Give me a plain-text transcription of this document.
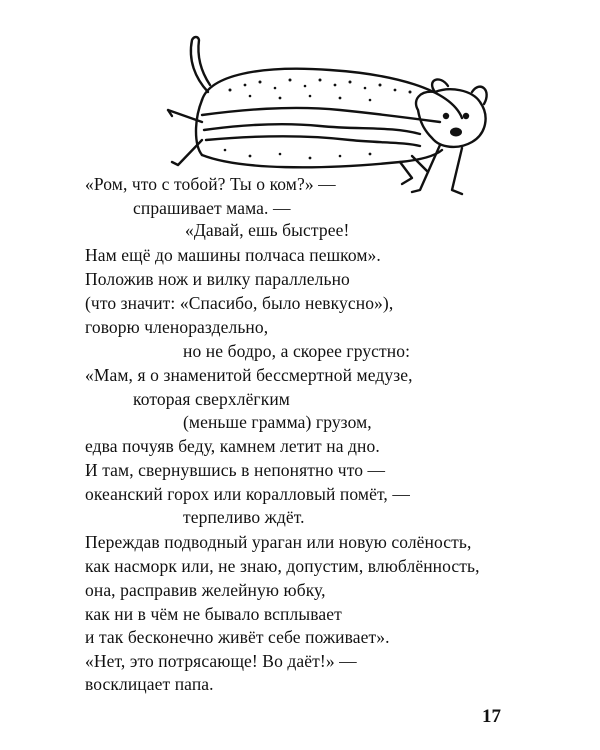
«Ром, что с тобой? Ты о ком?» —
спрашивает мама. —
«Давай, ешь быстрее!
Нам ещё до машины полчаса пешком».
Положив нож и вилку параллельно
(что значит: «Спасибо, было невкусно»),
говорю членораздельно,
но не бодро, а скорее грустно:
«Мам, я о знаменитой бессмертной медузе,
которая сверхлёгким
(меньше грамма) грузом,
едва почуяв беду, камнем летит на дно.
И там, свернувшись в непонятно что —
океанский горох или коралловый помёт, —
терпеливо ждёт.
Переждав подводный ураган или новую солёность,
как насморк или, не знаю, допустим, влюблённость,
она, расправив желейную юбку,
как ни в чём не бывало всплывает
и так бесконечно живёт себе поживает».
«Нет, это потрясающе! Во даёт!» —
восклицает папа.
17
